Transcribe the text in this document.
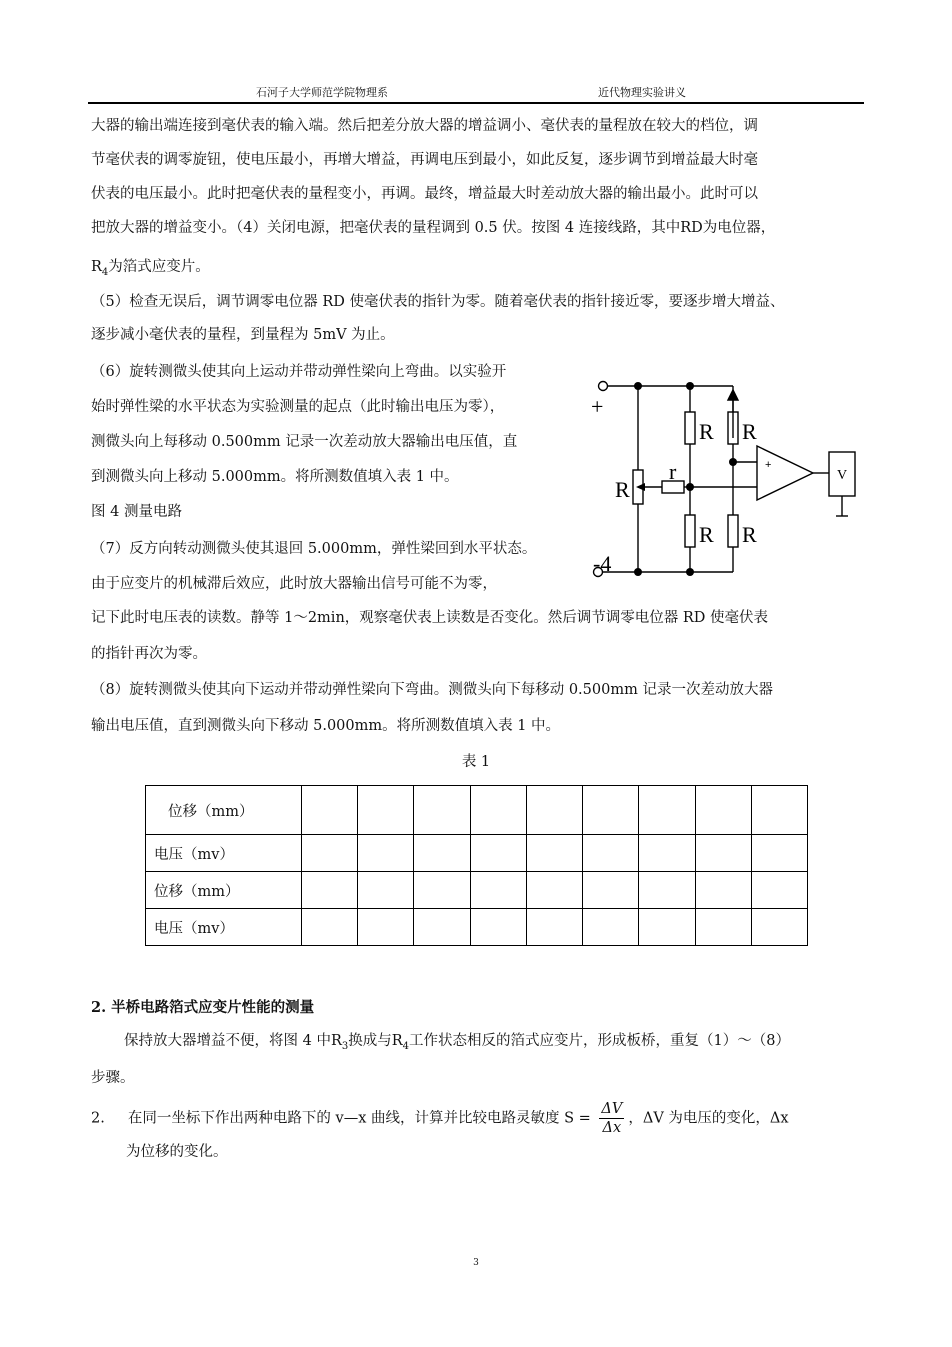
石河子大学师范学院物理系	近代物理实验讲义
大器的输出端连接到毫伏表的输入端。然后把差分放大器的增益调小、毫伏表的量程放在较大的档位，调
节毫伏表的调零旋钮，使电压最小，再增大增益，再调电压到最小，如此反复，逐步调节到增益最大时毫
伏表的电压最小。此时把毫伏表的量程变小，再调。最终，增益最大时差动放大器的输出最小。此时可以
把放大器的增益变小。（4）关闭电源，把毫伏表的量程调到 0.5 伏。按图 4 连接线路，其中RD为电位器，
$R_4$为箔式应变片。
（5）检查无误后，调节调零电位器 RD 使毫伏表的指针为零。随着毫伏表的指针接近零，要逐步增大增益、
逐步减小毫伏表的量程，到量程为 5mV 为止。
（6）旋转测微头使其向上运动并带动弹性梁向上弯曲。以实验开
始时弹性梁的水平状态为实验测量的起点（此时输出电压为零），
测微头向上每移动 0.500mm 记录一次差动放大器输出电压值，直
到测微头向上移动 5.000mm。将所测数值填入表 1 中。
图 4 测量电路
（7）反方向转动测微头使其退回 5.000mm，弹性梁回到水平状态。
由于应变片的机械滞后效应，此时放大器输出信号可能不为零，
记下此时电压表的读数。静等 1～2min，观察毫伏表上读数是否变化。然后调节调零电位器 RD 使毫伏表
的指针再次为零。
（8）旋转测微头使其向下运动并带动弹性梁向下弯曲。测微头向下每移动 0.500mm 记录一次差动放大器
输出电压值，直到测微头向下移动 5.000mm。将所测数值填入表 1 中。
+
-4
R R
R R
R
r	+
V
表 1
位移（mm）									
电压（mv）									
位移（mm）									
电压（mv）									
2. 半桥电路箔式应变片性能的测量
保持放大器增益不便，将图 4 中$R_3$换成与$R_4$工作状态相反的箔式应变片，形成板桥，重复（1）～（8）
步骤。
2. 在同一坐标下作出两种电路下的 v—x 曲线，计算并比较电路灵敏度 $S = \frac{\Delta V}{\Delta x}$ ，ΔV 为电压的变化，Δx
为位移的变化。
3
